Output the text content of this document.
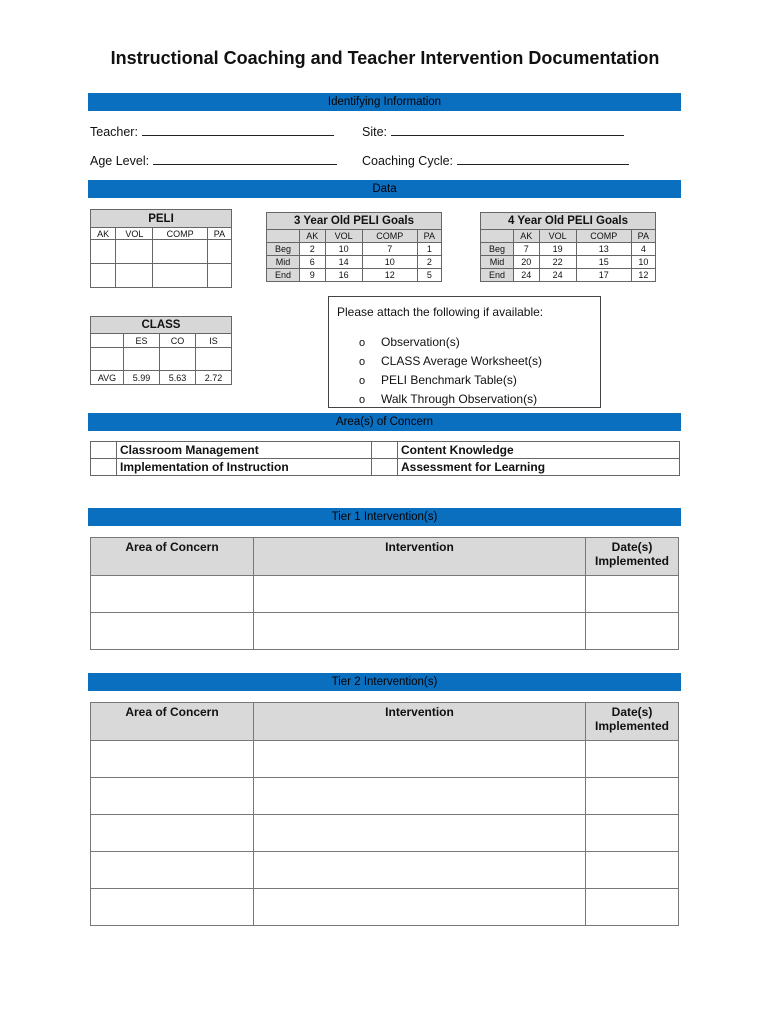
Instructional Coaching and Teacher Intervention Documentation
Identifying Information
Teacher:	Site:
Age Level:	Coaching Cycle:
Data
PELI			
AK	VOL	COMP	PA

3 Year Old PELI Goals				
	AK	VOL	COMP	PA
Beg	2	10	7	1
Mid	6	14	10	2
End	9	16	12	5
4 Year Old PELI Goals				
	AK	VOL	COMP	PA
Beg	7	19	13	4
Mid	20	22	15	10
End	24	24	17	12
Please attach the following if available:
o Observation(s)
o CLASS Average Worksheet(s)
o PELI Benchmark Table(s)
o Walk Through Observation(s)
CLASS			
	ES	CO	IS

AVG	5.99	5.63	2.72
Area(s) of Concern
	Classroom Management		Content Knowledge
	Implementation of Instruction		Assessment for Learning
Tier 1 Intervention(s)
Area of Concern	Intervention	Date(s) Implemented

Tier 2 Intervention(s)
Area of Concern	Intervention	Date(s) Implemented
